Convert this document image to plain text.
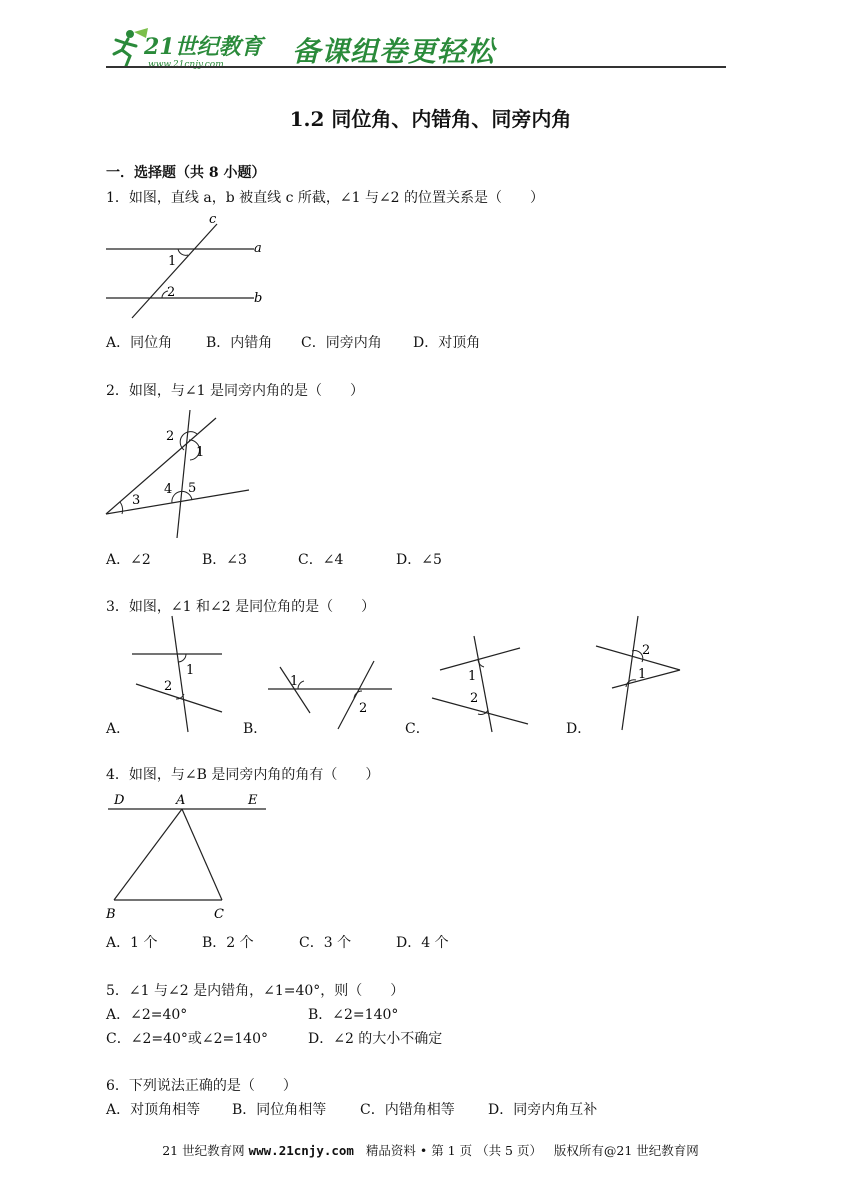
21世纪教育
www.21cnjy.com 备课组卷更轻松
1.2 同位角、内错角、同旁内角
一．选择题（共 8 小题）
1．如图，直线 a，b 被直线 c 所截，∠1 与∠2 的位置关系是（　　）
c
a
b
1
2
A．同位角 B．内错角 C．同旁内角 D．对顶角
2．如图，与∠1 是同旁内角的是（　　）
2
1
3
4 5
A．∠2	B．∠3	C．∠4	D．∠5
3．如图，∠1 和∠2 是同位角的是（　　）
A．
1
2
B．
1
2
C．
1
2
D．
2
1
4．如图，与∠B 是同旁内角的角有（　　）
D	A	E
B	C
A．1 个	B．2 个	C．3 个	D．4 个
5．∠1 与∠2 是内错角，∠1=40°，则（　　）
A．∠2=40°	B．∠2=140°
C．∠2=40°或∠2=140°	D．∠2 的大小不确定
6．下列说法正确的是（　　）
A．对顶角相等 B．同位角相等 C．内错角相等 D．同旁内角互补
21 世纪教育网 www.21cnjy.com 精品资料 • 第 1 页 （共 5 页） 版权所有@21 世纪教育网
